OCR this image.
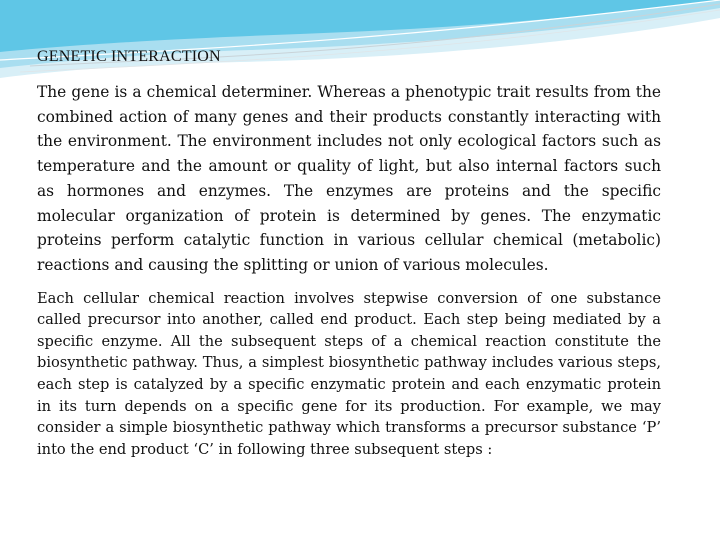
GENETIC INTERACTION

The gene is a chemical determiner. Whereas a phenotypic trait results from the combined action of many genes and their products constantly interacting with the environment. The environment includes not only ecological factors such as temperature and the amount or quality of light, but also internal factors such as hormones and enzymes. The enzymes are proteins and the specific molecular organization of protein is determined by genes. The enzymatic proteins perform catalytic function in various cellular chemical (metabolic) reactions and causing the splitting or union of various molecules.

Each cellular chemical reaction involves stepwise conversion of one substance called precursor into another, called end product. Each step being mediated by a specific enzyme. All the subsequent steps of a chemical reaction constitute the biosynthetic pathway. Thus, a simplest biosynthetic pathway includes various steps, each step is catalyzed by a specific enzymatic protein and each enzymatic protein in its turn depends on a specific gene for its production. For example, we may consider a simple biosynthetic pathway which transforms a precursor substance ‘P’ into the end product ‘C’ in following three subsequent steps :
